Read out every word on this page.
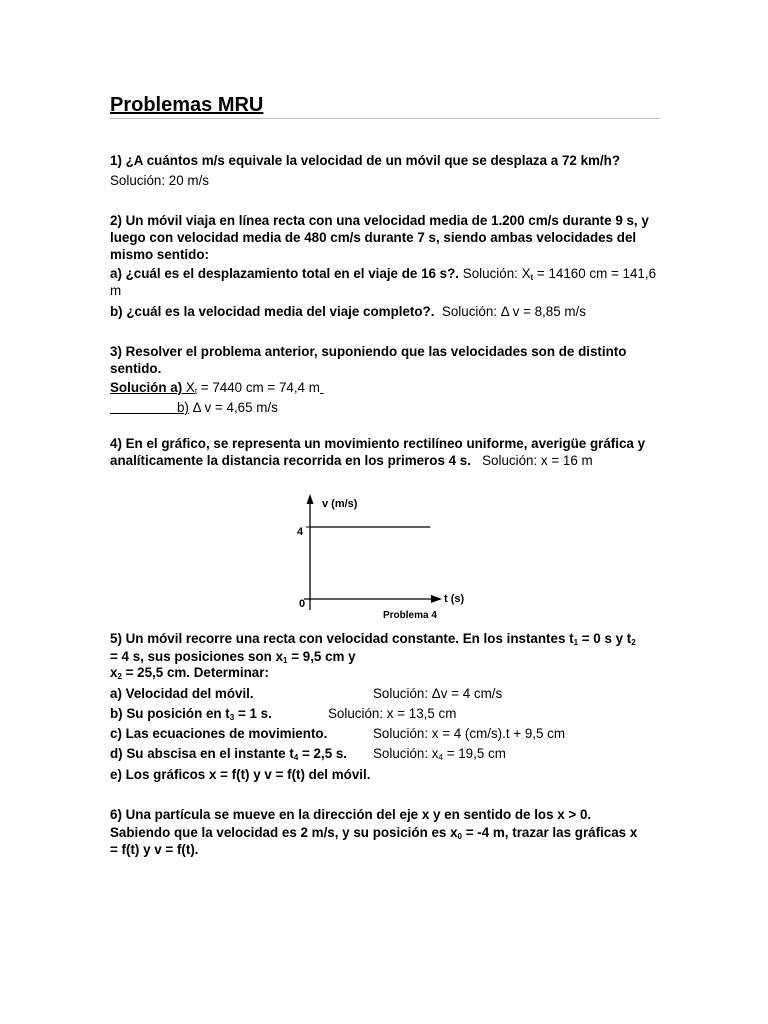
Problemas MRU
1) ¿A cuántos m/s equivale la velocidad de un móvil que se desplaza a 72 km/h?
Solución: 20 m/s
2) Un móvil viaja en línea recta con una velocidad media de 1.200 cm/s durante 9 s, y luego con velocidad media de 480 cm/s durante 7 s, siendo ambas velocidades del mismo sentido:
a) ¿cuál es el desplazamiento total en el viaje de 16 s?. Solución: $X_t = 14160$ cm = 141,6 m
b) ¿cuál es la velocidad media del viaje completo?. Solución: Δ v = 8,85 m/s
3) Resolver el problema anterior, suponiendo que las velocidades son de distinto sentido.
Solución a) $X_t = 7440$ cm = 74,4 m
b) Δ v = 4,65 m/s
4) En el gráfico, se representa un movimiento rectilíneo uniforme, averigüe gráfica y analíticamente la distancia recorrida en los primeros 4 s. Solución: x = 16 m
v (m/s)
t (s)
4
0
Problema 4
5) Un móvil recorre una recta con velocidad constante. En los instantes $t_1 = 0$ s y $t_2$
= 4 s, sus posiciones son $x_1 = 9,5$ cm y
$x_2 = 25,5$ cm. Determinar:
a) Velocidad del móvil.	Solución: Δv = 4 cm/s
b) Su posición en $t_3 = 1$ s.	Solución: x = 13,5 cm
c) Las ecuaciones de movimiento.	Solución: x = 4 (cm/s).t + 9,5 cm
d) Su abscisa en el instante $t_4 = 2,5$ s. Solución: $x_4 = 19,5$ cm
e) Los gráficos x = f(t) y v = f(t) del móvil.
6) Una partícula se mueve en la dirección del eje x y en sentido de los x > 0.
Sabiendo que la velocidad es 2 m/s, y su posición es $x_0 = -4$ m, trazar las gráficas x
= f(t) y v = f(t).
